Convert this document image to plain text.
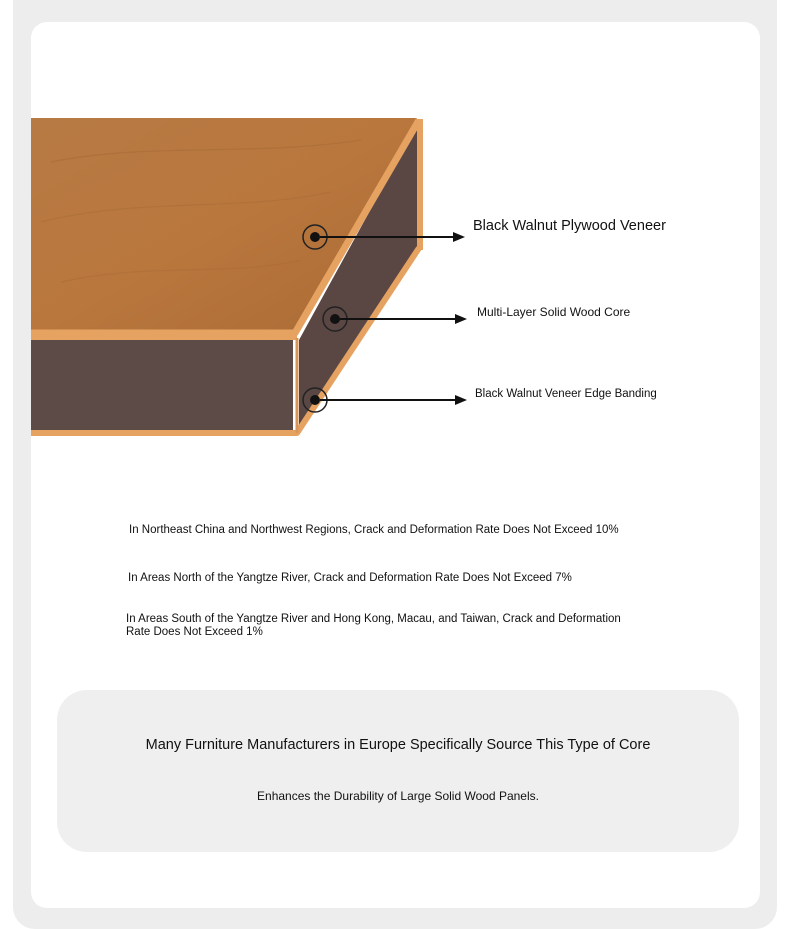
Black Walnut Plywood Veneer
Multi-Layer Solid Wood Core
Black Walnut Veneer Edge Banding
In Northeast China and Northwest Regions, Crack and Deformation Rate Does Not Exceed 10%
In Areas North of the Yangtze River, Crack and Deformation Rate Does Not Exceed 7%
In Areas South of the Yangtze River and Hong Kong, Macau, and Taiwan, Crack and Deformation Rate Does Not Exceed 1%
Many Furniture Manufacturers in Europe Specifically Source This Type of Core
Enhances the Durability of Large Solid Wood Panels.
